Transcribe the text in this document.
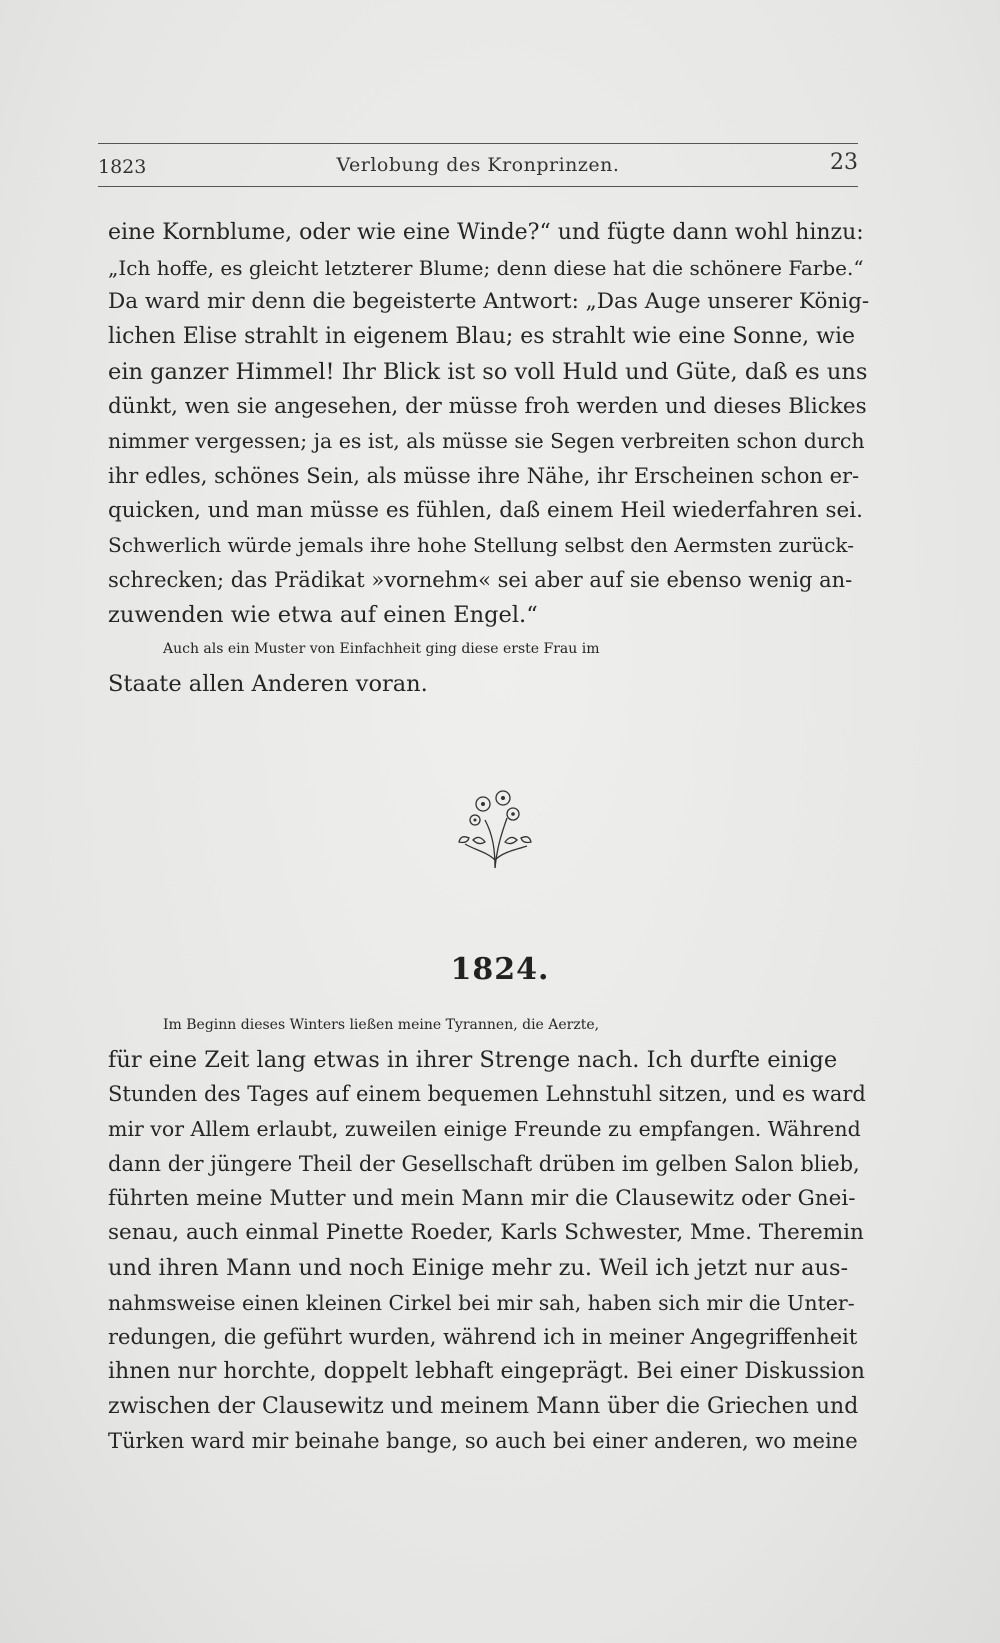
1823	Verlobung des Kronprinzen.	23

eine Kornblume, oder wie eine Winde?“ und fügte dann wohl hinzu:
„Ich hoffe, es gleicht letzterer Blume; denn diese hat die schönere Farbe.“
Da ward mir denn die begeisterte Antwort: „Das Auge unserer König-
lichen Elise strahlt in eigenem Blau; es strahlt wie eine Sonne, wie
ein ganzer Himmel! Ihr Blick ist so voll Huld und Güte, daß es uns
dünkt, wen sie angesehen, der müsse froh werden und dieses Blickes
nimmer vergessen; ja es ist, als müsse sie Segen verbreiten schon durch
ihr edles, schönes Sein, als müsse ihre Nähe, ihr Erscheinen schon er-
quicken, und man müsse es fühlen, daß einem Heil wiederfahren sei.
Schwerlich würde jemals ihre hohe Stellung selbst den Aermsten zurück-
schrecken; das Prädikat »vornehm« sei aber auf sie ebenso wenig an-
zuwenden wie etwa auf einen Engel.“

Auch als ein Muster von Einfachheit ging diese erste Frau im
Staate allen Anderen voran.

1824.

Im Beginn dieses Winters ließen meine Tyrannen, die Aerzte,
für eine Zeit lang etwas in ihrer Strenge nach. Ich durfte einige
Stunden des Tages auf einem bequemen Lehnstuhl sitzen, und es ward
mir vor Allem erlaubt, zuweilen einige Freunde zu empfangen. Während
dann der jüngere Theil der Gesellschaft drüben im gelben Salon blieb,
führten meine Mutter und mein Mann mir die Clausewitz oder Gnei-
senau, auch einmal Pinette Roeder, Karls Schwester, Mme. Theremin
und ihren Mann und noch Einige mehr zu. Weil ich jetzt nur aus-
nahmsweise einen kleinen Cirkel bei mir sah, haben sich mir die Unter-
redungen, die geführt wurden, während ich in meiner Angegriffenheit
ihnen nur horchte, doppelt lebhaft eingeprägt. Bei einer Diskussion
zwischen der Clausewitz und meinem Mann über die Griechen und
Türken ward mir beinahe bange, so auch bei einer anderen, wo meine
